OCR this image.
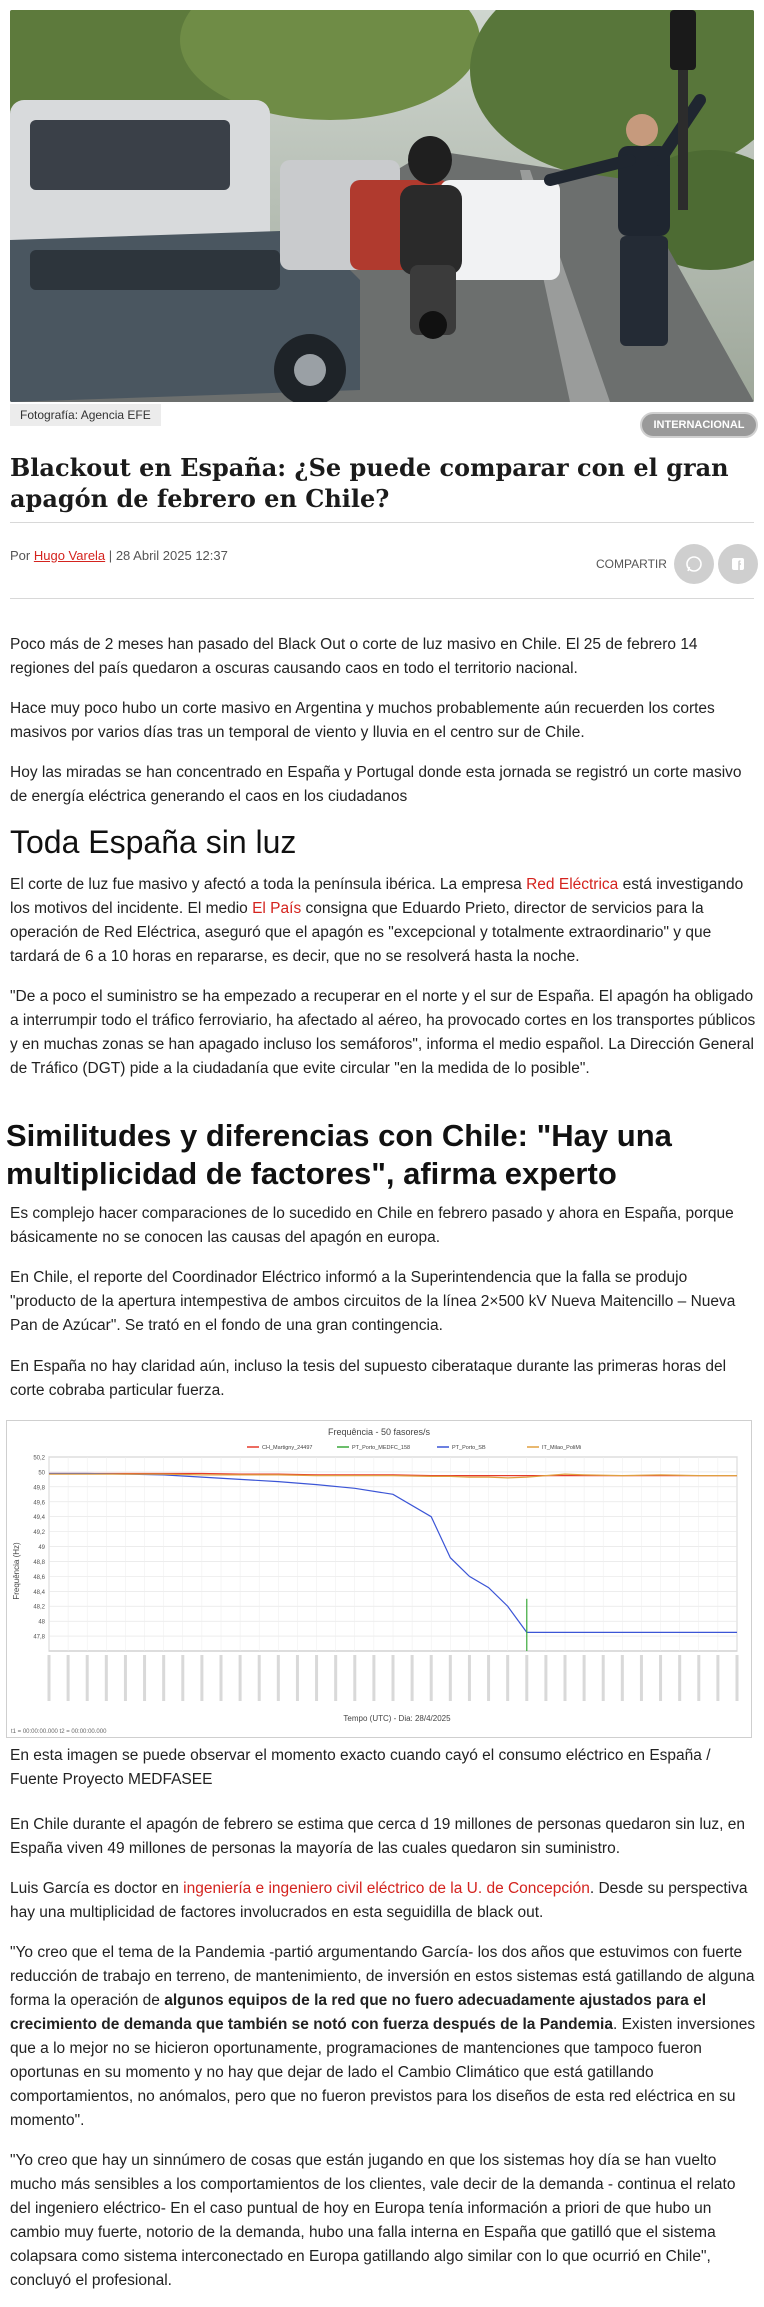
Fotografía: Agencia EFE
INTERNACIONAL
Blackout en España: ¿Se puede comparar con el gran apagón de febrero en Chile?
Por Hugo Varela | 28 Abril 2025 12:37
COMPARTIR

Poco más de 2 meses han pasado del Black Out o corte de luz masivo en Chile. El 25 de febrero 14 regiones del país quedaron a oscuras causando caos en todo el territorio nacional.

Hace muy poco hubo un corte masivo en Argentina y muchos probablemente aún recuerden los cortes masivos por varios días tras un temporal de viento y lluvia en el centro sur de Chile.

Hoy las miradas se han concentrado en España y Portugal donde esta jornada se registró un corte masivo de energía eléctrica generando el caos en los ciudadanos

Toda España sin luz

El corte de luz fue masivo y afectó a toda la península ibérica. La empresa Red Eléctrica está investigando los motivos del incidente. El medio El País consigna que Eduardo Prieto, director de servicios para la operación de Red Eléctrica, aseguró que el apagón es "excepcional y totalmente extraordinario" y que tardará de 6 a 10 horas en repararse, es decir, que no se resolverá hasta la noche.

"De a poco el suministro se ha empezado a recuperar en el norte y el sur de España. El apagón ha obligado a interrumpir todo el tráfico ferroviario, ha afectado al aéreo, ha provocado cortes en los transportes públicos y en muchas zonas se han apagado incluso los semáforos", informa el medio español. La Dirección General de Tráfico (DGT) pide a la ciudadanía que evite circular "en la medida de lo posible".

Similitudes y diferencias con Chile: "Hay una multiplicidad de factores", afirma experto

Es complejo hacer comparaciones de lo sucedido en Chile en febrero pasado y ahora en España, porque básicamente no se conocen las causas del apagón en europa.

En Chile, el reporte del Coordinador Eléctrico informó a la Superintendencia que la falla se produjo "producto de la apertura intempestiva de ambos circuitos de la línea 2×500 kV Nueva Maitencillo – Nueva Pan de Azúcar". Se trató en el fondo de una gran contingencia.

En España no hay claridad aún, incluso la tesis del supuesto ciberataque durante las primeras horas del corte cobraba particular fuerza.

Frequência - 50 fasores/s
CH_Martigny_24497	PT_Porto_MEDFC_158	PT_Porto_SB	IT_Milao_PoliMi
Frequência (Hz)
50,2
50
49,8
49,6
49,4
49,2
49
48,8
48,6
48,4
48,2
48
47,8
Tempo (UTC) - Dia: 28/4/2025
t1 = 00:00:00.000 t2 = 00:00:00.000

En esta imagen se puede observar el momento exacto cuando cayó el consumo eléctrico en España / Fuente Proyecto MEDFASEE

En Chile durante el apagón de febrero se estima que cerca d 19 millones de personas quedaron sin luz, en España viven 49 millones de personas la mayoría de las cuales quedaron sin suministro.

Luis García es doctor en ingeniería e ingeniero civil eléctrico de la U. de Concepción. Desde su perspectiva hay una multiplicidad de factores involucrados en esta seguidilla de black out.

"Yo creo que el tema de la Pandemia -partió argumentando García- los dos años que estuvimos con fuerte reducción de trabajo en terreno, de mantenimiento, de inversión en estos sistemas está gatillando de alguna forma la operación de algunos equipos de la red que no fuero adecuadamente ajustados para el crecimiento de demanda que también se notó con fuerza después de la Pandemia. Existen inversiones que a lo mejor no se hicieron oportunamente, programaciones de mantenciones que tampoco fueron oportunas en su momento y no hay que dejar de lado el Cambio Climático que está gatillando comportamientos, no anómalos, pero que no fueron previstos para los diseños de esta red eléctrica en su momento".

"Yo creo que hay un sinnúmero de cosas que están jugando en que los sistemas hoy día se han vuelto mucho más sensibles a los comportamientos de los clientes, vale decir de la demanda - continua el relato del ingeniero eléctrico- En el caso puntual de hoy en Europa tenía información a priori de que hubo un cambio muy fuerte, notorio de la demanda, hubo una falla interna en España que gatilló que el sistema colapsara como sistema interconectado en Europa gatillando algo similar con lo que ocurrió en Chile", concluyó el profesional.
